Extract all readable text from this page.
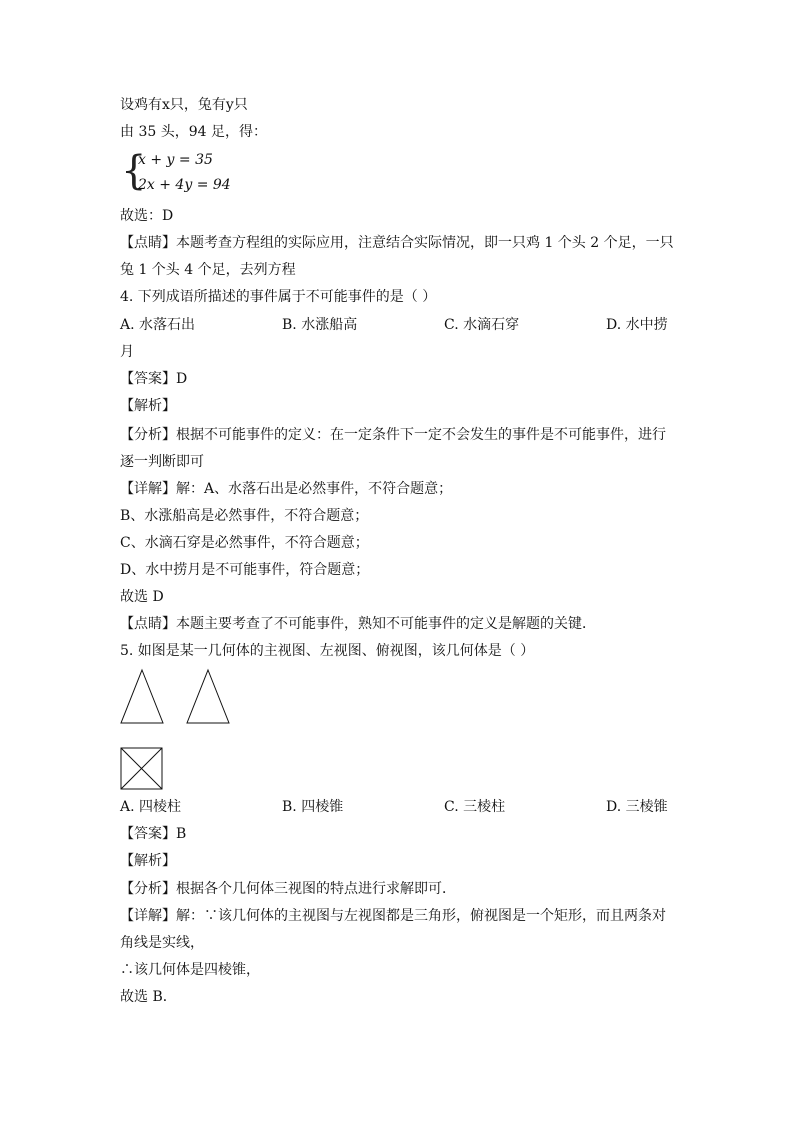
设鸡有x只，兔有y只
由 35 头，94 足，得：
{
x + y = 35
2x + 4y = 94
故选：D
【点睛】本题考查方程组的实际应用，注意结合实际情况，即一只鸡 1 个头 2 个足，一只
兔 1 个头 4 个足，去列方程
4. 下列成语所描述的事件属于不可能事件的是（ ）
A. 水落石出	B. 水涨船高	C. 水滴石穿	D. 水中捞
月
【答案】D
【解析】
【分析】根据不可能事件的定义：在一定条件下一定不会发生的事件是不可能事件，进行
逐一判断即可
【详解】解：A、水落石出是必然事件，不符合题意；
B、水涨船高是必然事件，不符合题意；
C、水滴石穿是必然事件，不符合题意；
D、水中捞月是不可能事件，符合题意；
故选 D
【点睛】本题主要考查了不可能事件，熟知不可能事件的定义是解题的关键．
5. 如图是某一几何体的主视图、左视图、俯视图，该几何体是（ ）
A. 四棱柱	B. 四棱锥	C. 三棱柱	D. 三棱锥
【答案】B
【解析】
【分析】根据各个几何体三视图的特点进行求解即可．
【详解】解：∵该几何体的主视图与左视图都是三角形，俯视图是一个矩形，而且两条对
角线是实线，
∴该几何体是四棱锥，
故选 B．
